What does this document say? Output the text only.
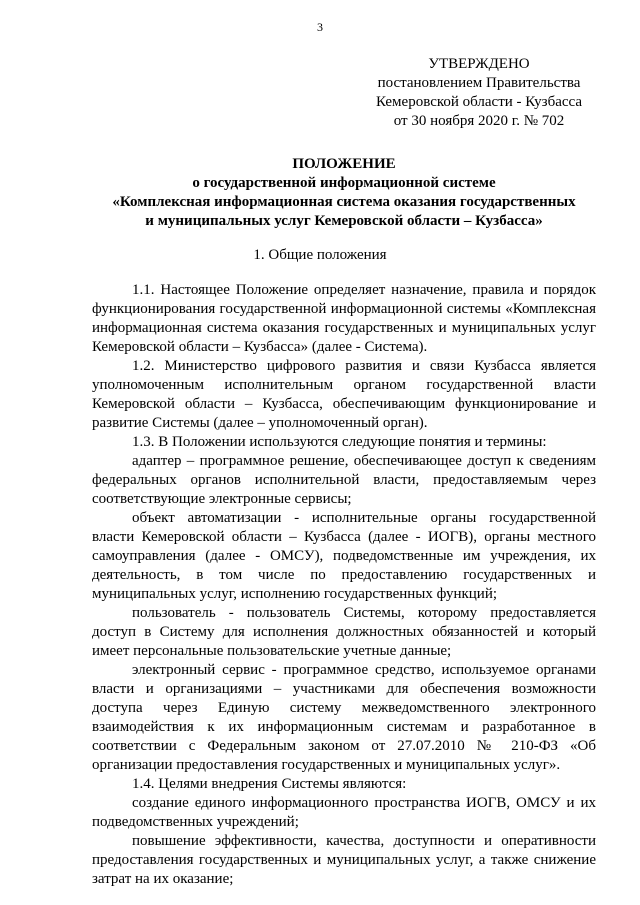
3
УТВЕРЖДЕНО
постановлением Правительства
Кемеровской области - Кузбасса
от 30 ноября 2020 г. № 702
ПОЛОЖЕНИЕ
о государственной информационной системе
«Комплексная информационная система оказания государственных
и муниципальных услуг Кемеровской области – Кузбасса»
1. Общие положения

1.1. Настоящее Положение определяет назначение, правила и порядок функционирования государственной информационной системы «Комплексная информационная система оказания государственных и муниципальных услуг Кемеровской области – Кузбасса» (далее - Система).

1.2. Министерство цифрового развития и связи Кузбасса является уполномоченным исполнительным органом государственной власти Кемеровской области – Кузбасса, обеспечивающим функционирование и развитие Системы (далее – уполномоченный орган).

1.3. В Положении используются следующие понятия и термины:

адаптер – программное решение, обеспечивающее доступ к сведениям федеральных органов исполнительной власти, предоставляемым через соответствующие электронные сервисы;

объект автоматизации - исполнительные органы государственной власти Кемеровской области – Кузбасса (далее - ИОГВ), органы местного самоуправления (далее - ОМСУ), подведомственные им учреждения, их деятельность, в том числе по предоставлению государственных и муниципальных услуг, исполнению государственных функций;

пользователь - пользователь Системы, которому предоставляется доступ в Систему для исполнения должностных обязанностей и который имеет персональные пользовательские учетные данные;

электронный сервис - программное средство, используемое органами власти и организациями – участниками для обеспечения возможности доступа через Единую систему межведомственного электронного взаимодействия к их информационным системам и разработанное в соответствии с Федеральным законом от 27.07.2010 № 210-ФЗ «Об организации предоставления государственных и муниципальных услуг».

1.4. Целями внедрения Системы являются:

создание единого информационного пространства ИОГВ, ОМСУ и их подведомственных учреждений;

повышение эффективности, качества, доступности и оперативности предоставления государственных и муниципальных услуг, а также снижение затрат на их оказание;
